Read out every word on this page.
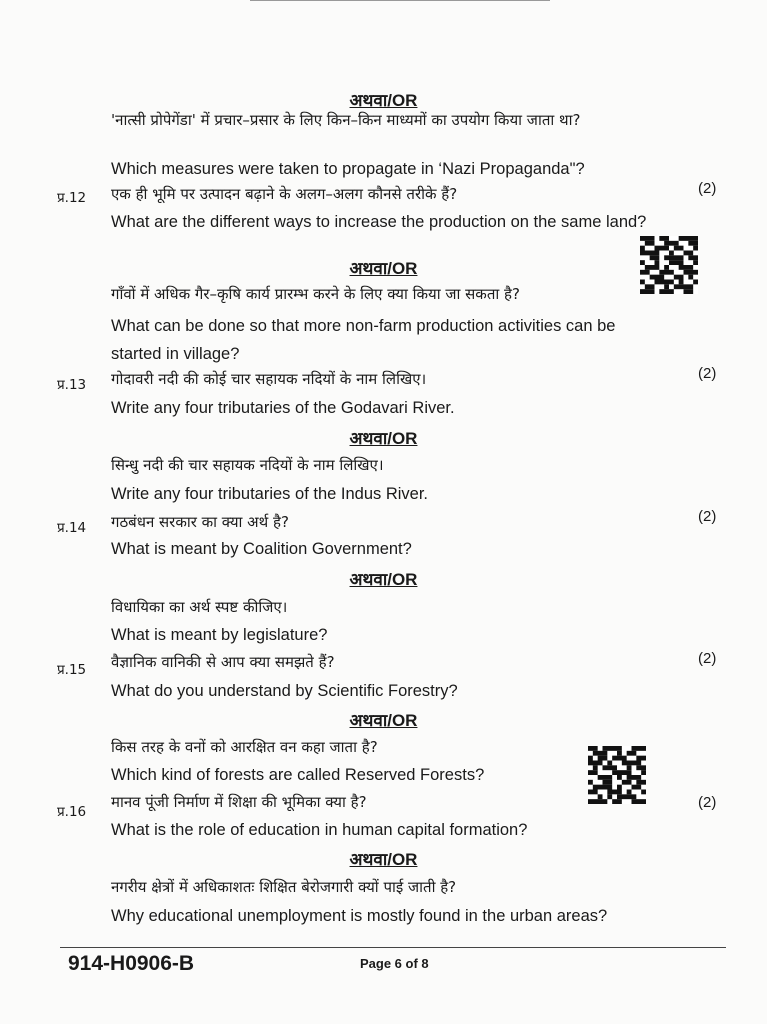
अथवा/OR
'नात्सी प्रोपेगेंडा' में प्रचार–प्रसार के लिए किन–किन माध्यमों का उपयोग किया जाता था?
Which measures were taken to propagate in ‘Nazi Propaganda"?
प्र.12
(2)
एक ही भूमि पर उत्पादन बढ़ाने के अलग–अलग कौनसे तरीके हैं?
What are the different ways to increase the production on the same land?
अथवा/OR
गाँवों में अधिक गैर–कृषि कार्य प्रारम्भ करने के लिए क्या किया जा सकता है?
What can be done so that more non-farm production activities can be started in village?
प्र.13
(2)
गोदावरी नदी की कोई चार सहायक नदियों के नाम लिखिए।
Write any four tributaries of the Godavari River.
अथवा/OR
सिन्धु नदी की चार सहायक नदियों के नाम लिखिए।
Write any four tributaries of the Indus River.
प्र.14
(2)
गठबंधन सरकार का क्या अर्थ है?
What is meant by Coalition Government?
अथवा/OR
विधायिका का अर्थ स्पष्ट कीजिए।
What is meant by legislature?
प्र.15
(2)
वैज्ञानिक वानिकी से आप क्या समझते हैं?
What do you understand by Scientific Forestry?
अथवा/OR
किस तरह के वनों को आरक्षित वन कहा जाता है?
Which kind of forests are called Reserved Forests?
प्र.16
(2)
मानव पूंजी निर्माण में शिक्षा की भूमिका क्या है?
What is the role of education in human capital formation?
अथवा/OR
नगरीय क्षेत्रों में अधिकाशतः शिक्षित बेरोजगारी क्यों पाई जाती है?
Why educational unemployment is mostly found in the urban areas?
914-H0906-B	Page 6 of 8
